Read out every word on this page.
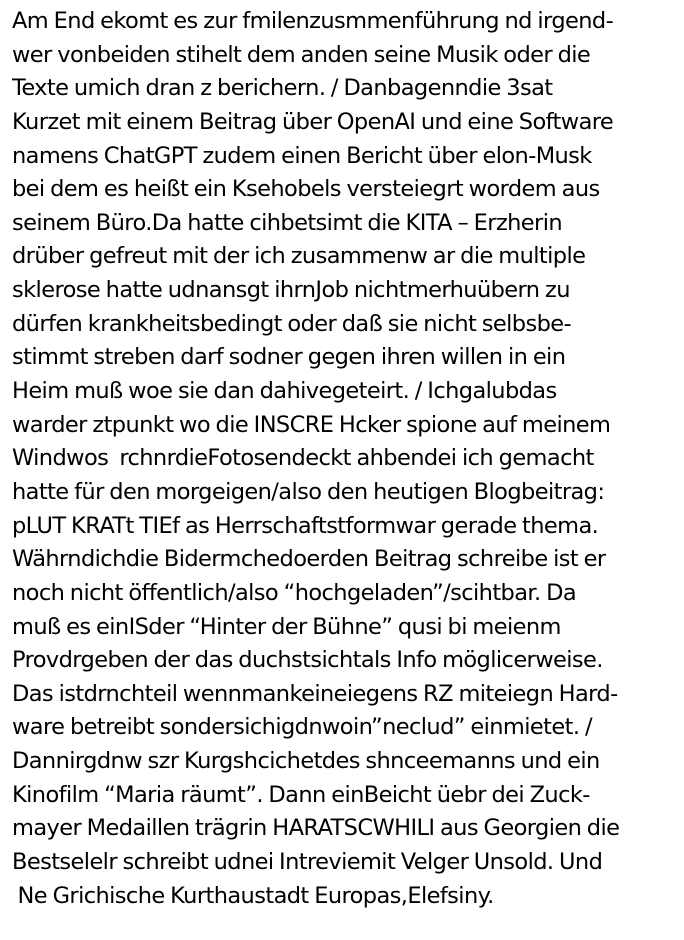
Am End ekomt es zur fmilenzusmmenführung nd irgend-
wer vonbeiden stihelt dem anden seine Musik oder die
Texte umich dran z berichern. / Danbagenndie 3sat
Kurzet mit einem Beitrag über OpenAI und eine Software
namens ChatGPT zudem einen Bericht über elon-Musk
bei dem es heißt ein Ksehobels versteiegrt wordem aus
seinem Büro.Da hatte cihbetsimt die KITA – Erzherin
drüber gefreut mit der ich zusammenw ar die multiple
sklerose hatte udnansgt ihrnJob nichtmerhuübern zu
dürfen krankheitsbedingt oder daß sie nicht selbsbe-
stimmt streben darf sodner gegen ihren willen in ein
Heim muß woe sie dan dahivegeteirt. / Ichgalubdas
warder ztpunkt wo die INSCRE Hcker spione auf meinem
Windwos  rchnrdieFotosendeckt ahbendei ich gemacht
hatte für den morgeigen/also den heutigen Blogbeitrag:
pLUT KRATt TIEf as Herrschaftstformwar gerade thema.
Währndichdie Bidermchedoerden Beitrag schreibe ist er
noch nicht öffentlich/also “hochgeladen”/scihtbar. Da
muß es einISder “Hinter der Bühne” qusi bi meienm
Provdrgeben der das duchstsichtals Info möglicerweise.
Das istdrnchteil wennmankeineiegens RZ miteiegn Hard-
ware betreibt sondersichigdnwoin”neclud” einmietet. /
Dannirgdnw szr Kurgshcichetdes shnceemanns und ein
Kinofilm “Maria räumt”. Dann einBeicht üebr dei Zuck-
mayer Medaillen trägrin HARATSCWHILI aus Georgien die
Bestselelr schreibt udnei Intreviemit Velger Unsold. Und
Ne Grichische Kurthaustadt Europas,Elefsiny.
